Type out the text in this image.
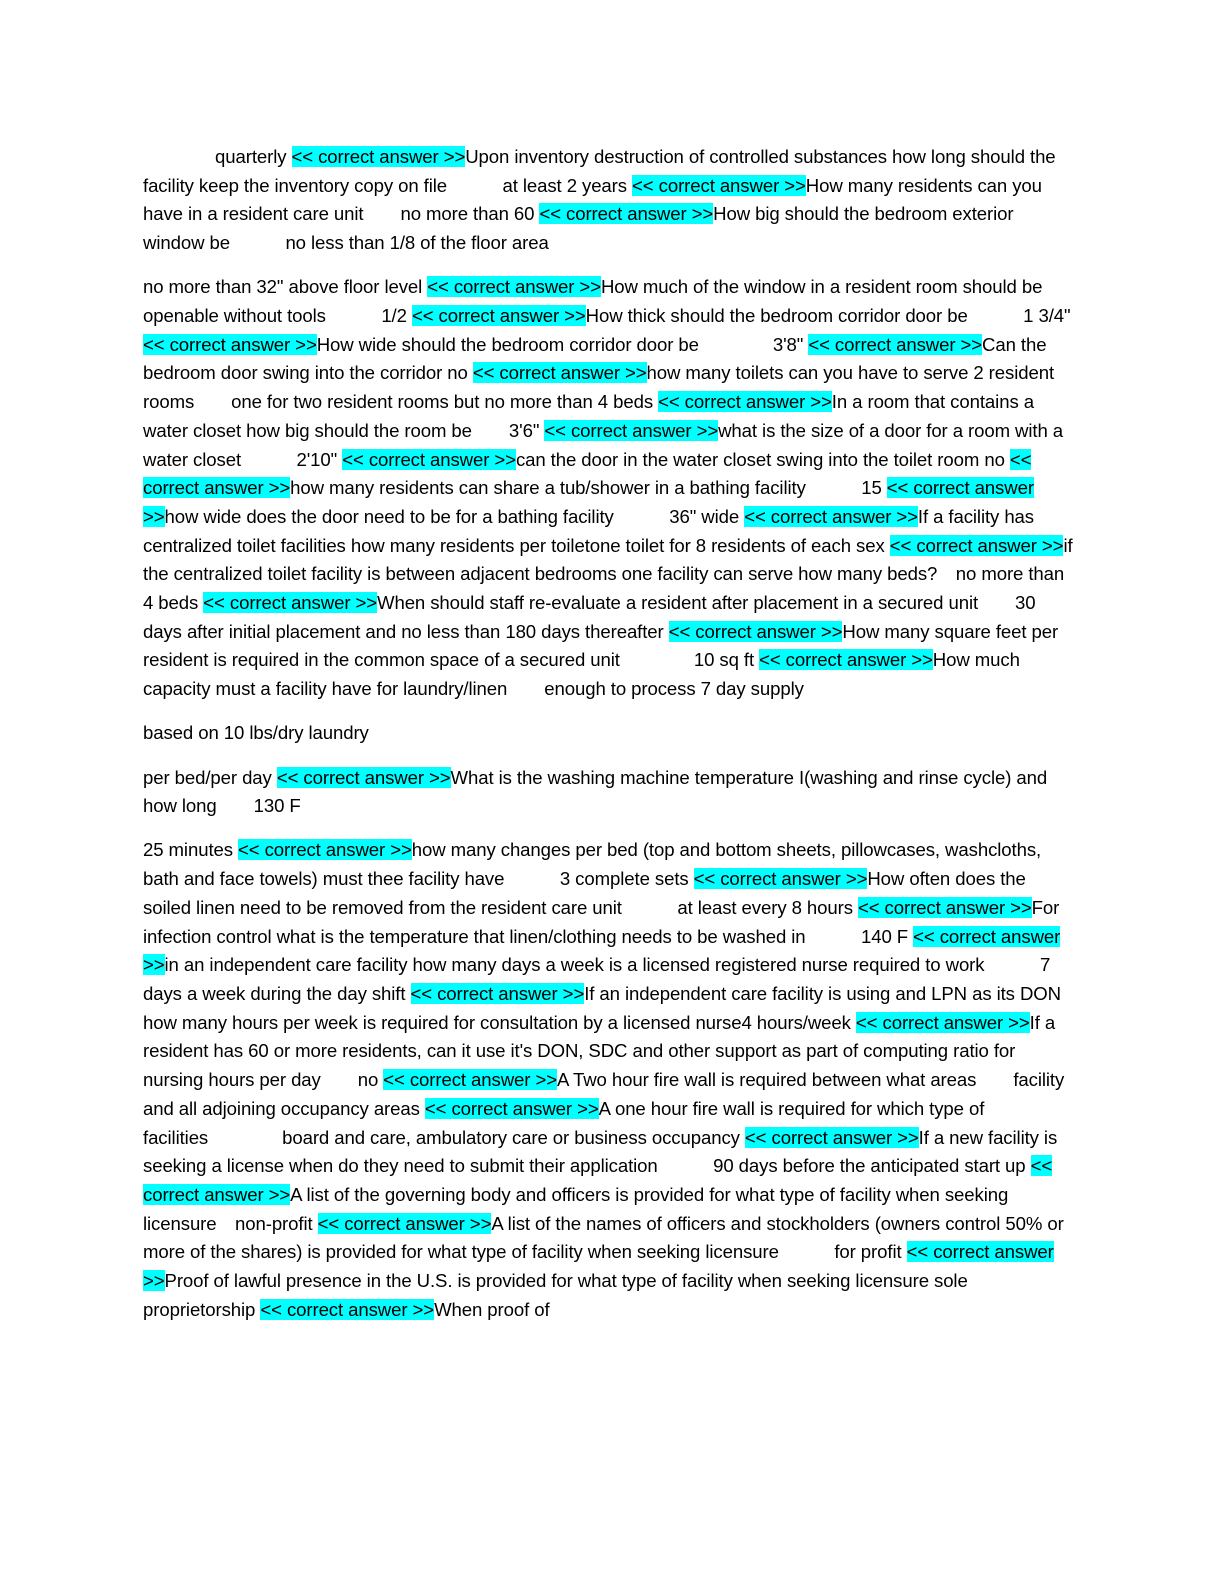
quarterly << correct answer >>Upon inventory destruction of controlled substances how long should the facility keep the inventory copy on file   at least 2 years << correct answer >>How many residents can you have in a resident care unit  no more than 60 << correct answer >>How big should the bedroom exterior window be   no less than 1/8 of the floor area

no more than 32" above floor level << correct answer >>How much of the window in a resident room should be openable without tools   1/2 << correct answer >>How thick should the bedroom corridor door be   1 3/4" << correct answer >>How wide should the bedroom corridor door be    3'8" << correct answer >>Can the bedroom door swing into the corridor no << correct answer >>how many toilets can you have to serve 2 resident rooms  one for two resident rooms but no more than 4 beds << correct answer >>In a room that contains a water closet how big should the room be  3'6" << correct answer >>what is the size of a door for a room with a water closet   2'10" << correct answer >>can the door in the water closet swing into the toilet room no << correct answer >>how many residents can share a tub/shower in a bathing facility   15 << correct answer >>how wide does the door need to be for a bathing facility   36" wide << correct answer >>If a facility has centralized toilet facilities how many residents per toiletone toilet for 8 residents of each sex << correct answer >>if the centralized toilet facility is between adjacent bedrooms one facility can serve how many beds? no more than 4 beds << correct answer >>When should staff re-evaluate a resident after placement in a secured unit  30 days after initial placement and no less than 180 days thereafter << correct answer >>How many square feet per resident is required in the common space of a secured unit    10 sq ft << correct answer >>How much capacity must a facility have for laundry/linen  enough to process 7 day supply

based on 10 lbs/dry laundry

per bed/per day << correct answer >>What is the washing machine temperature I(washing and rinse cycle) and how long  130 F

25 minutes << correct answer >>how many changes per bed (top and bottom sheets, pillowcases, washcloths, bath and face towels) must thee facility have   3 complete sets << correct answer >>How often does the soiled linen need to be removed from the resident care unit   at least every 8 hours << correct answer >>For infection control what is the temperature that linen/clothing needs to be washed in   140 F << correct answer >>in an independent care facility how many days a week is a licensed registered nurse required to work   7 days a week during the day shift << correct answer >>If an independent care facility is using and LPN as its DON how many hours per week is required for consultation by a licensed nurse4 hours/week << correct answer >>If a resident has 60 or more residents, can it use it's DON, SDC and other support as part of computing ratio for nursing hours per day  no << correct answer >>A Two hour fire wall is required between what areas  facility and all adjoining occupancy areas << correct answer >>A one hour fire wall is required for which type of facilities    board and care, ambulatory care or business occupancy << correct answer >>If a new facility is seeking a license when do they need to submit their application   90 days before the anticipated start up << correct answer >>A list of the governing body and officers is provided for what type of facility when seeking licensure non-profit << correct answer >>A list of the names of officers and stockholders (owners control 50% or more of the shares) is provided for what type of facility when seeking licensure   for profit << correct answer >>Proof of lawful presence in the U.S. is provided for what type of facility when seeking licensure sole proprietorship << correct answer >>When proof of
